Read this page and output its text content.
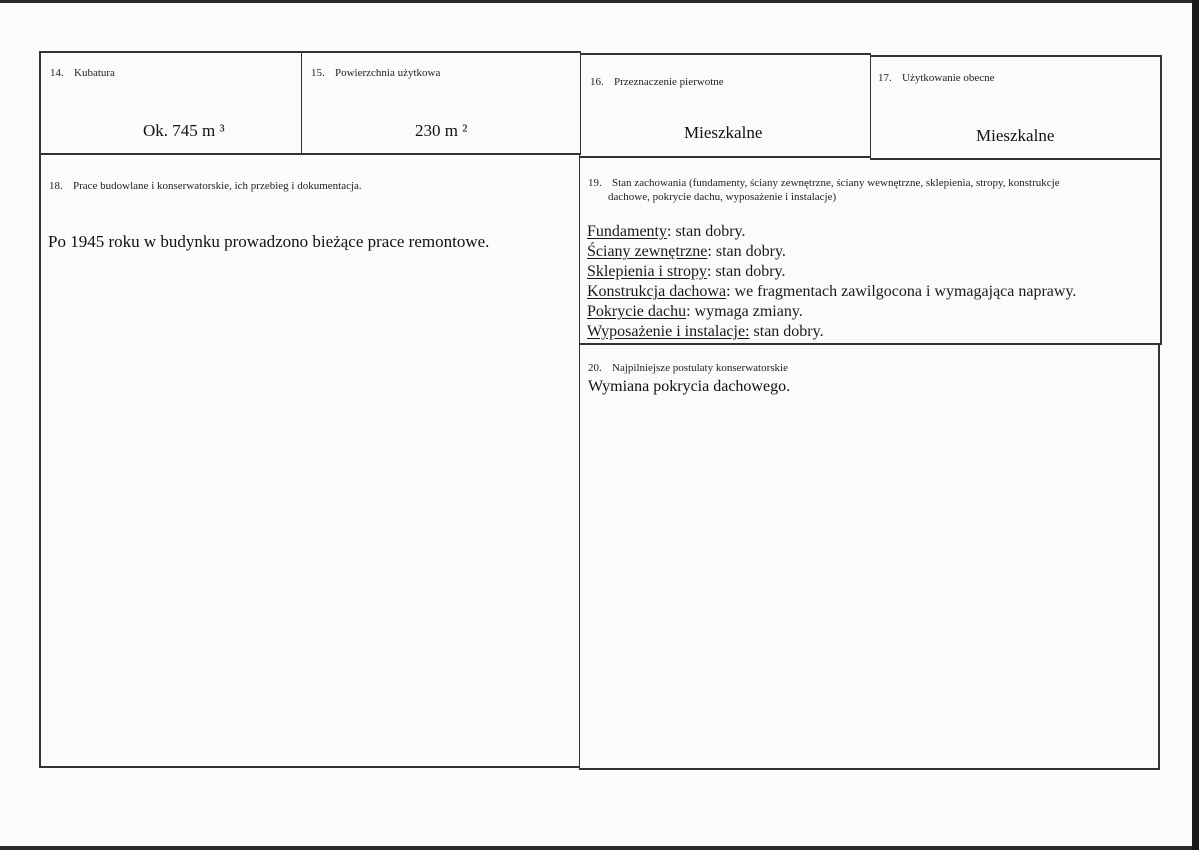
14. Kubatura
Ok. 745 m ³
15. Powierzchnia użytkowa
230 m ²
16. Przeznaczenie pierwotne
Mieszkalne
17. Użytkowanie obecne
Mieszkalne
18. Prace budowlane i konserwatorskie, ich przebieg i dokumentacja.
Po 1945 roku w budynku prowadzono bieżące prace remontowe.
19. Stan zachowania (fundamenty, ściany zewnętrzne, ściany wewnętrzne, sklepienia, stropy, konstrukcje
dachowe, pokrycie dachu, wyposażenie i instalacje)
Fundamenty: stan dobry.
Ściany zewnętrzne: stan dobry.
Sklepienia i stropy: stan dobry.
Konstrukcja dachowa: we fragmentach zawilgocona i wymagająca naprawy.
Pokrycie dachu: wymaga zmiany.
Wyposażenie i instalacje: stan dobry.
20. Najpilniejsze postulaty konserwatorskie
Wymiana pokrycia dachowego.
